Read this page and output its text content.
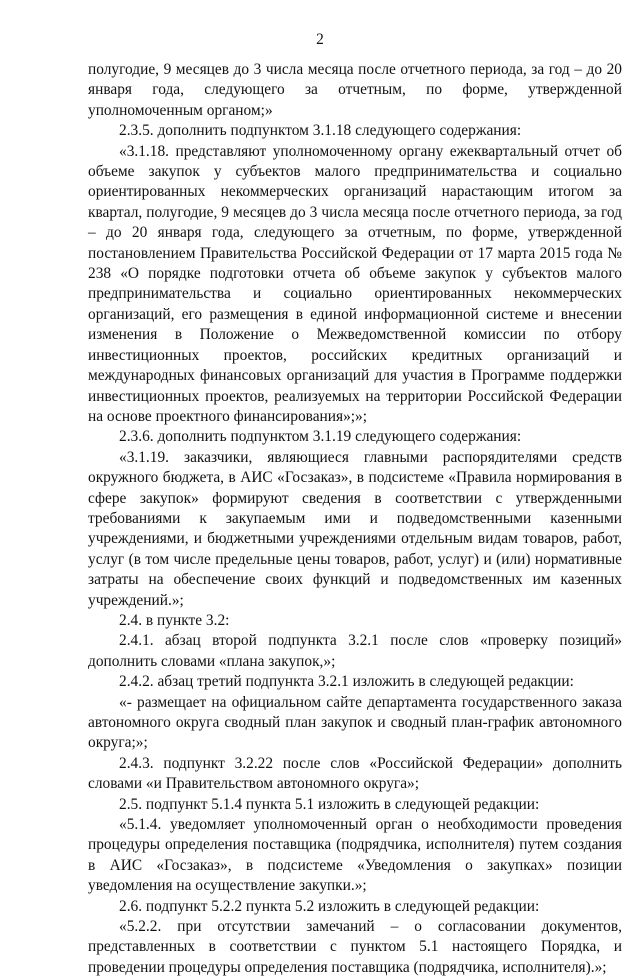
2

полугодие, 9 месяцев до 3 числа месяца после отчетного периода, за год – до 20 января года, следующего за отчетным, по форме, утвержденной уполномоченным органом;»

2.3.5. дополнить подпунктом 3.1.18 следующего содержания:

«3.1.18. представляют уполномоченному органу ежеквартальный отчет об объеме закупок у субъектов малого предпринимательства и социально ориентированных некоммерческих организаций нарастающим итогом за квартал, полугодие, 9 месяцев до 3 числа месяца после отчетного периода, за год – до 20 января года, следующего за отчетным, по форме, утвержденной постановлением Правительства Российской Федерации от 17 марта 2015 года № 238 «О порядке подготовки отчета об объеме закупок у субъектов малого предпринимательства и социально ориентированных некоммерческих организаций, его размещения в единой информационной системе и внесении изменения в Положение о Межведомственной комиссии по отбору инвестиционных проектов, российских кредитных организаций и международных финансовых организаций для участия в Программе поддержки инвестиционных проектов, реализуемых на территории Российской Федерации на основе проектного финансирования»;»;

2.3.6. дополнить подпунктом 3.1.19 следующего содержания:

«3.1.19. заказчики, являющиеся главными распорядителями средств окружного бюджета, в АИС «Госзаказ», в подсистеме «Правила нормирования в сфере закупок» формируют сведения в соответствии с утвержденными требованиями к закупаемым ими и подведомственными казенными учреждениями, и бюджетными учреждениями отдельным видам товаров, работ, услуг (в том числе предельные цены товаров, работ, услуг) и (или) нормативные затраты на обеспечение своих функций и подведомственных им казенных учреждений.»;

2.4. в пункте 3.2:

2.4.1. абзац второй подпункта 3.2.1 после слов «проверку позиций» дополнить словами «плана закупок,»;

2.4.2. абзац третий подпункта 3.2.1 изложить в следующей редакции:

«- размещает на официальном сайте департамента государственного заказа автономного округа сводный план закупок и сводный план-график автономного округа;»;

2.4.3. подпункт 3.2.22 после слов «Российской Федерации» дополнить словами «и Правительством автономного округа»;

2.5. подпункт 5.1.4 пункта 5.1 изложить в следующей редакции:

«5.1.4. уведомляет уполномоченный орган о необходимости проведения процедуры определения поставщика (подрядчика, исполнителя) путем создания в АИС «Госзаказ», в подсистеме «Уведомления о закупках» позиции уведомления на осуществление закупки.»;

2.6. подпункт 5.2.2 пункта 5.2 изложить в следующей редакции:

«5.2.2. при отсутствии замечаний – о согласовании документов, представленных в соответствии с пунктом 5.1 настоящего Порядка, и проведении процедуры определения поставщика (подрядчика, исполнителя).»;
